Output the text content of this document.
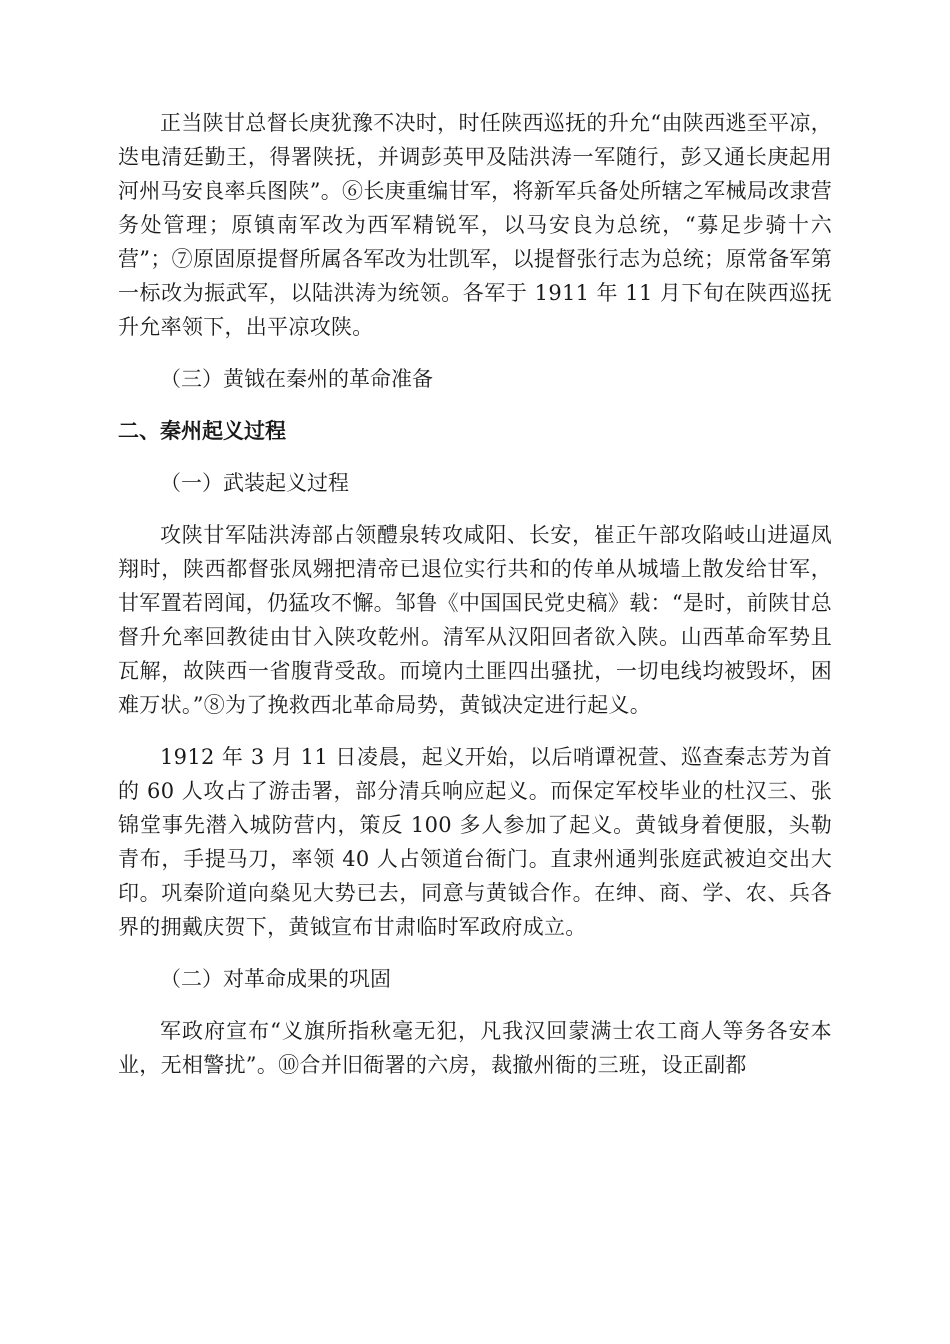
正当陕甘总督长庚犹豫不决时，时任陕西巡抚的升允“由陕西逃至平凉，迭电清廷勤王，得署陕抚，并调彭英甲及陆洪涛一军随行，彭又通长庚起用河州马安良率兵图陕”。⑥长庚重编甘军，将新军兵备处所辖之军械局改隶营务处管理；原镇南军改为西军精锐军，以马安良为总统，“募足步骑十六营”；⑦原固原提督所属各军改为壮凯军，以提督张行志为总统；原常备军第一标改为振武军，以陆洪涛为统领。各军于 1911 年 11 月下旬在陕西巡抚升允率领下，出平凉攻陕。

（三）黄钺在秦州的革命准备

二、秦州起义过程

（一）武装起义过程

攻陕甘军陆洪涛部占领醴泉转攻咸阳、长安，崔正午部攻陷岐山进逼凤翔时，陕西都督张凤翙把清帝已退位实行共和的传单从城墙上散发给甘军，甘军置若罔闻，仍猛攻不懈。邹鲁《中国国民党史稿》载：“是时，前陕甘总督升允率回教徒由甘入陕攻乾州。清军从汉阳回者欲入陕。山西革命军势且瓦解，故陕西一省腹背受敌。而境内土匪四出骚扰，一切电线均被毁坏，困难万状。”⑧为了挽救西北革命局势，黄钺决定进行起义。

1912 年 3 月 11 日凌晨，起义开始，以后哨谭祝萱、巡查秦志芳为首的 60 人攻占了游击署，部分清兵响应起义。而保定军校毕业的杜汉三、张锦堂事先潜入城防营内，策反 100 多人参加了起义。黄钺身着便服，头勒青布，手提马刀，率领 40 人占领道台衙门。直隶州通判张庭武被迫交出大印。巩秦阶道向燊见大势已去，同意与黄钺合作。在绅、商、学、农、兵各界的拥戴庆贺下，黄钺宣布甘肃临时军政府成立。

（二）对革命成果的巩固

军政府宣布“义旗所指秋毫无犯，凡我汉回蒙满士农工商人等务各安本业，无相警扰”。⑩合并旧衙署的六房，裁撤州衙的三班，设正副都
